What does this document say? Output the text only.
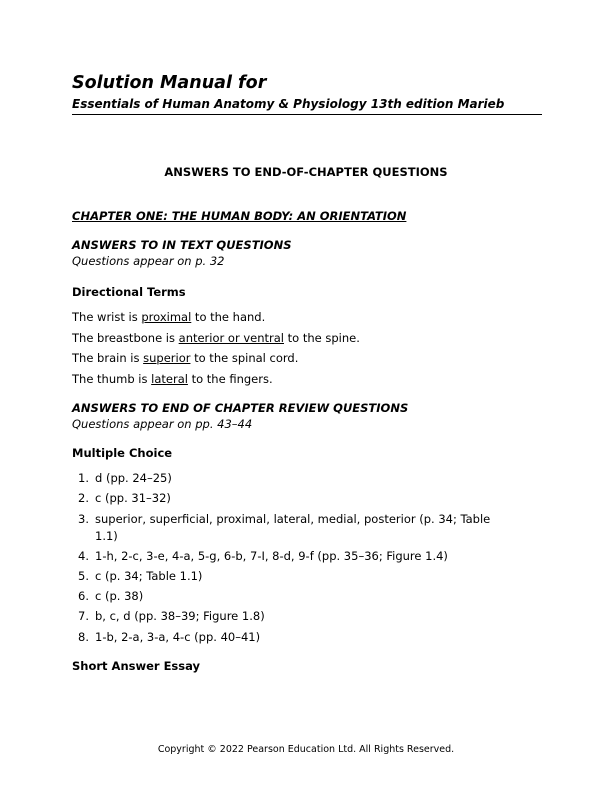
Solution Manual for
Essentials of Human Anatomy & Physiology 13th edition Marieb
ANSWERS TO END-OF-CHAPTER QUESTIONS
CHAPTER ONE: THE HUMAN BODY: AN ORIENTATION
ANSWERS TO IN TEXT QUESTIONS
Questions appear on p. 32
Directional Terms
The wrist is proximal to the hand.
The breastbone is anterior or ventral to the spine.
The brain is superior to the spinal cord.
The thumb is lateral to the fingers.
ANSWERS TO END OF CHAPTER REVIEW QUESTIONS
Questions appear on pp. 43–44
Multiple Choice
1. d (pp. 24–25)
2. c (pp. 31–32)
3. superior, superficial, proximal, lateral, medial, posterior (p. 34; Table
1.1)
4. 1-h, 2-c, 3-e, 4-a, 5-g, 6-b, 7-I, 8-d, 9-f (pp. 35–36; Figure 1.4)
5. c (p. 34; Table 1.1)
6. c (p. 38)
7. b, c, d (pp. 38–39; Figure 1.8)
8. 1-b, 2-a, 3-a, 4-c (pp. 40–41)
Short Answer Essay
Copyright © 2022 Pearson Education Ltd. All Rights Reserved.
